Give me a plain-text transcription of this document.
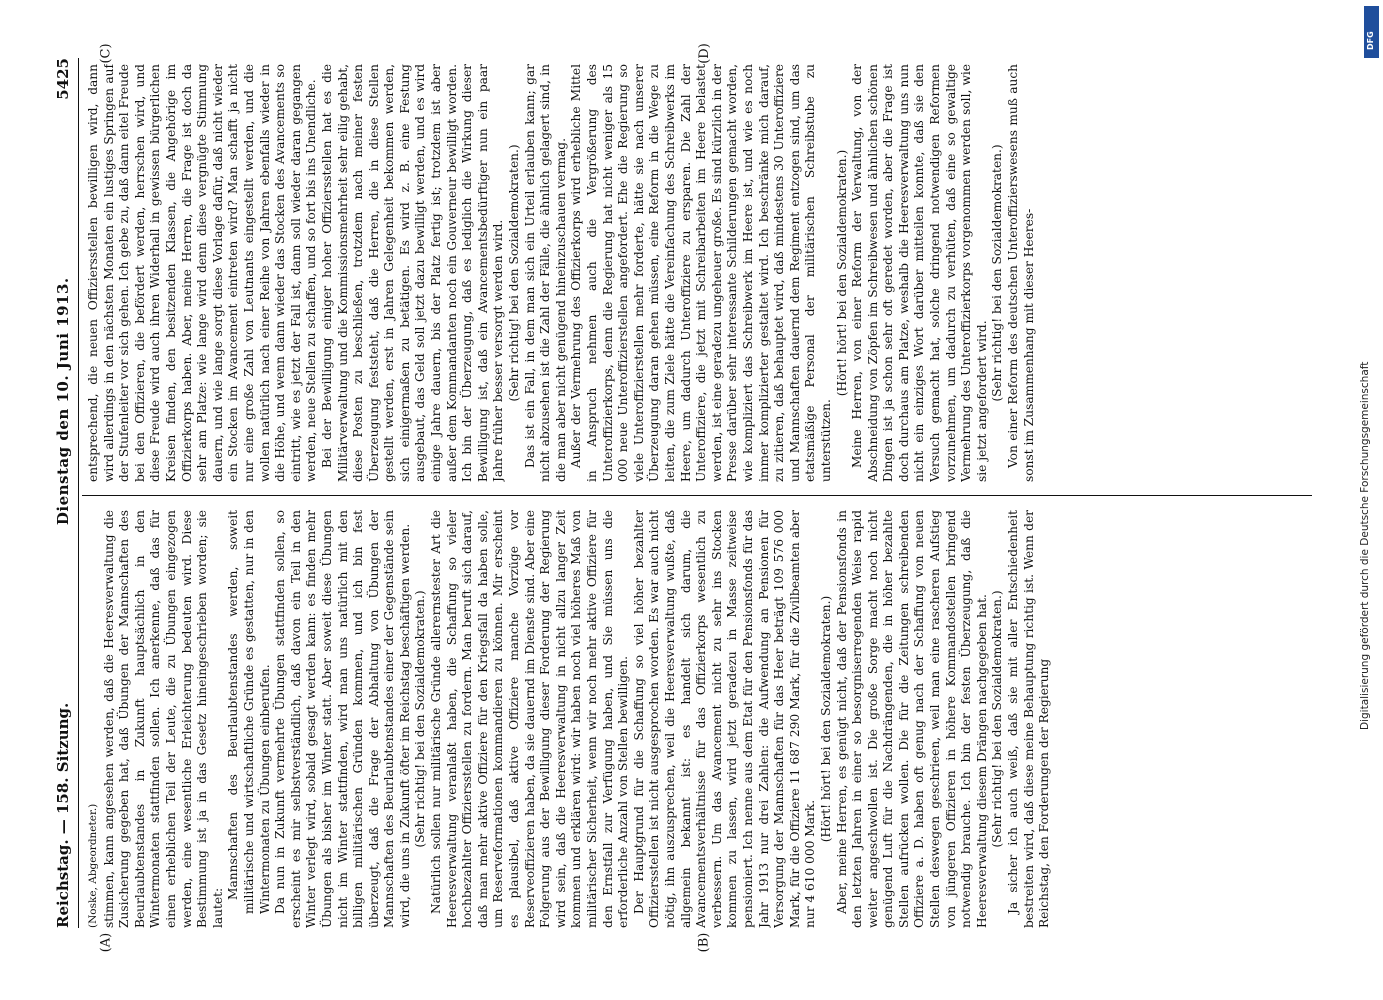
Reichstag. — 158. Sitzung.
Dienstag den 10. Juni 1913.
5425

(Noske, Abgeordneter.) stimmen, kann angesehen werden, daß die Heeresverwaltung die Zusicherung gegeben hat, daß Übungen der Mannschaften des Beurlaubtenstandes in Zukunft hauptsächlich in den Wintermonaten stattfinden sollen. Ich anerkenne, daß das für einen erheblichen Teil der Leute, die zu Übungen eingezogen werden, eine wesentliche Erleichterung bedeuten wird. Diese Bestimmung ist ja in das Gesetz hineingeschrieben worden; sie lautet:

Mannschaften des Beurlaubtenstandes werden, soweit militärische und wirtschaftliche Gründe es gestatten, nur in den Wintermonaten zu Übungen einberufen. Da nun in Zukunft vermehrte Übungen stattfinden sollen, so erscheint es mir selbstverständlich, daß davon ein Teil in den Winter verlegt wird, sobald gesagt werden kann: es finden mehr Übungen als bisher im Winter statt. Aber soweit diese Übungen nicht im Winter stattfinden, wird man uns natürlich mit den billigen militärischen Gründen kommen, und ich bin fest überzeugt, daß die Frage der Abhaltung von Übungen der Mannschaften des Beurlaubtenstandes einer der Gegenstände sein wird, die uns in Zukunft öfter im Reichstag beschäftigen werden. (Sehr richtig! bei den Sozialdemokraten.) Natürlich sollen nur militärische Gründe allerernstester Art die Heeresverwaltung veranlaßt haben, die Schaffung so vieler hochbezahlter Offiziersstellen zu fordern. Man beruft sich darauf, daß man mehr aktive Offiziere für den Kriegsfall da haben solle, um Reserveformationen kommandieren zu können. Mir erscheint es plausibel, daß aktive Offiziere manche Vorzüge vor Reserveoffizieren haben, da sie dauernd im Dienste sind. Aber eine Folgerung aus der Bewilligung dieser Forderung der Regierung wird sein, daß die Heeresverwaltung in nicht allzu langer Zeit kommen und erklären wird: wir haben noch viel höheres Maß von militärischer Sicherheit, wenn wir noch mehr aktive Offiziere für den Ernstfall zur Verfügung haben, und Sie müssen uns die erforderliche Anzahl von Stellen bewilligen. Der Hauptgrund für die Schaffung so viel höher bezahlter Offiziersstellen ist nicht ausgesprochen worden. Es war auch nicht nötig, ihn auszusprechen, weil die Heeresverwaltung wußte, daß allgemein bekannt ist: es handelt sich darum, die Avancementsverhältnisse für das Offizierkorps wesentlich zu verbessern. Um das Avancement nicht zu sehr ins Stocken kommen zu lassen, wird jetzt geradezu in Masse zeitweise pensioniert. Ich nenne aus dem Etat für den Pensionsfonds für das Jahr 1913 nur drei Zahlen: die Aufwendung an Pensionen für Versorgung der Mannschaften für das Heer beträgt 109 576 000 Mark, für die Offiziere 11 687 290 Mark, für die Zivilbeamten aber nur 4 610 000 Mark.

(Hört! hört! bei den Sozialdemokraten.) Aber, meine Herren, es genügt nicht, daß der Pensionsfonds in den letzten Jahren in einer so besorgniserregenden Weise rapid weiter angeschwollen ist. Die große Sorge macht noch nicht genügend Luft für die Nachdrängenden, die in höher bezahlte Stellen aufrücken wollen. Die für die Zeitungen schreibenden Offiziere a. D. haben oft genug nach der Schaffung von neuen Stellen deswegen geschrieen, weil man eine rascheren Aufstieg von jüngeren Offizieren in höhere Kommandostellen bringend notwendig brauche. Ich bin der festen Überzeugung, daß die Heeresverwaltung diesem Drängen nachgegeben hat. (Sehr richtig! bei den Sozialdemokraten.) Ja sicher ich auch weiß, daß sie mit aller Entschiedenheit bestreiten wird, daß diese meine Behauptung richtig ist. Wenn der Reichstag, den Forderungen der Regierung

entsprechend, die neuen Offiziersstellen bewilligen wird, dann wird allerdings in den nächsten Monaten ein lustiges Springen auf der Stufenleiter vor sich gehen. Ich gebe zu, daß dann eitel Freude bei den Offizieren, die befördert werden, herrschen wird, und diese Freude wird auch ihren Widerhall in gewissen bürgerlichen Kreisen finden, den besitzenden Klassen, die Angehörige im Offizierkorps haben. Aber, meine Herren, die Frage ist doch da sehr am Platze: wie lange wird denn diese vergnügte Stimmung dauern, und wie lange sorgt diese Vorlage dafür, daß nicht wieder ein Stocken im Avancement eintreten wird? Man schafft ja nicht nur eine große Zahl von Leutnants eingestellt werden, und die wollen natürlich nach einer Reihe von Jahren ebenfalls wieder in die Höhe, und wenn dann wieder das Stocken des Avancements so eintritt, wie es jetzt der Fall ist, dann soll wieder daran gegangen werden, neue Stellen zu schaffen, und so fort bis ins Unendliche. Bei der Bewilligung einiger hoher Offiziersstellen hat es die Militärverwaltung und die Kommissionsmehrheit sehr eilig gehabt, diese Posten zu beschließen, trotzdem nach meiner festen Überzeugung feststeht, daß die Herren, die in diese Stellen gestellt werden, erst in Jahren Gelegenheit bekommen werden, sich einigermaßen zu betätigen. Es wird z. B. eine Festung ausgebaut, das Geld soll jetzt dazu bewilligt werden, und es wird einige Jahre dauern, bis der Platz fertig ist; trotzdem ist aber außer dem Kommandanten noch ein Gouverneur bewilligt worden. Ich bin der Überzeugung, daß es lediglich die Wirkung dieser Bewilligung ist, daß ein Avancementsbedürftiger nun ein paar Jahre früher besser versorgt werden wird. (Sehr richtig! bei den Sozialdemokraten.) Das ist ein Fall, in dem man sich ein Urteil erlauben kann; gar nicht abzusehen ist die Zahl der Fälle, die ähnlich gelagert sind, in die man aber nicht genügend hineinzuschauen vermag. Außer der Vermehrung des Offizierkorps wird erhebliche Mittel in Anspruch nehmen auch die Vergrößerung des Unteroffizierkorps, denn die Regierung hat nicht weniger als 15 000 neue Unteroffizierstellen angefordert. Ehe die Regierung so viele Unteroffizierstellen mehr forderte, hätte sie nach unserer Überzeugung daran gehen müssen, eine Reform in die Wege zu leiten, die zum Ziele hätte die Vereinfachung des Schreibwerks im Heere, um dadurch Unteroffiziere zu ersparen. Die Zahl der Unteroffiziere, die jetzt mit Schreibarbeiten im Heere belastet werden, ist eine geradezu ungeheuer große. Es sind kürzlich in der Presse darüber sehr interessante Schilderungen gemacht worden, wie kompliziert das Schreibwerk im Heere ist, und wie es noch immer komplizierter gestaltet wird. Ich beschränke mich darauf, zu zitieren, daß behauptet wird, daß mindestens 30 Unteroffiziere und Mannschaften dauernd dem Regiment entzogen sind, um das etatsmäßige Personal der militärischen Schreibstube zu unterstützen.

(Hört! hört! bei den Sozialdemokraten.) Meine Herren, von einer Reform der Verwaltung, von der Abschneidung von Zöpfen im Schreibwesen und ähnlichen schönen Dingen ist ja schon sehr oft geredet worden, aber die Frage ist doch durchaus am Platze, weshalb die Heeresverwaltung uns nun nicht ein einziges Wort darüber mitteilen konnte, daß sie den Versuch gemacht hat, solche dringend notwendigen Reformen vorzunehmen, um dadurch zu verhüten, daß eine so gewaltige Vermehrung des Unteroffizierkorps vorgenommen werden soll, wie sie jetzt angefordert wird. (Sehr richtig! bei den Sozialdemokraten.) Von einer Reform des deutschen Unteroffizierswesens muß auch sonst im Zusammenhang mit dieser Heeres-

(A)	(B)
(C)	(D)
DFG
Digitalisierung gefördert durch die Deutsche Forschungsgemeinschaft
